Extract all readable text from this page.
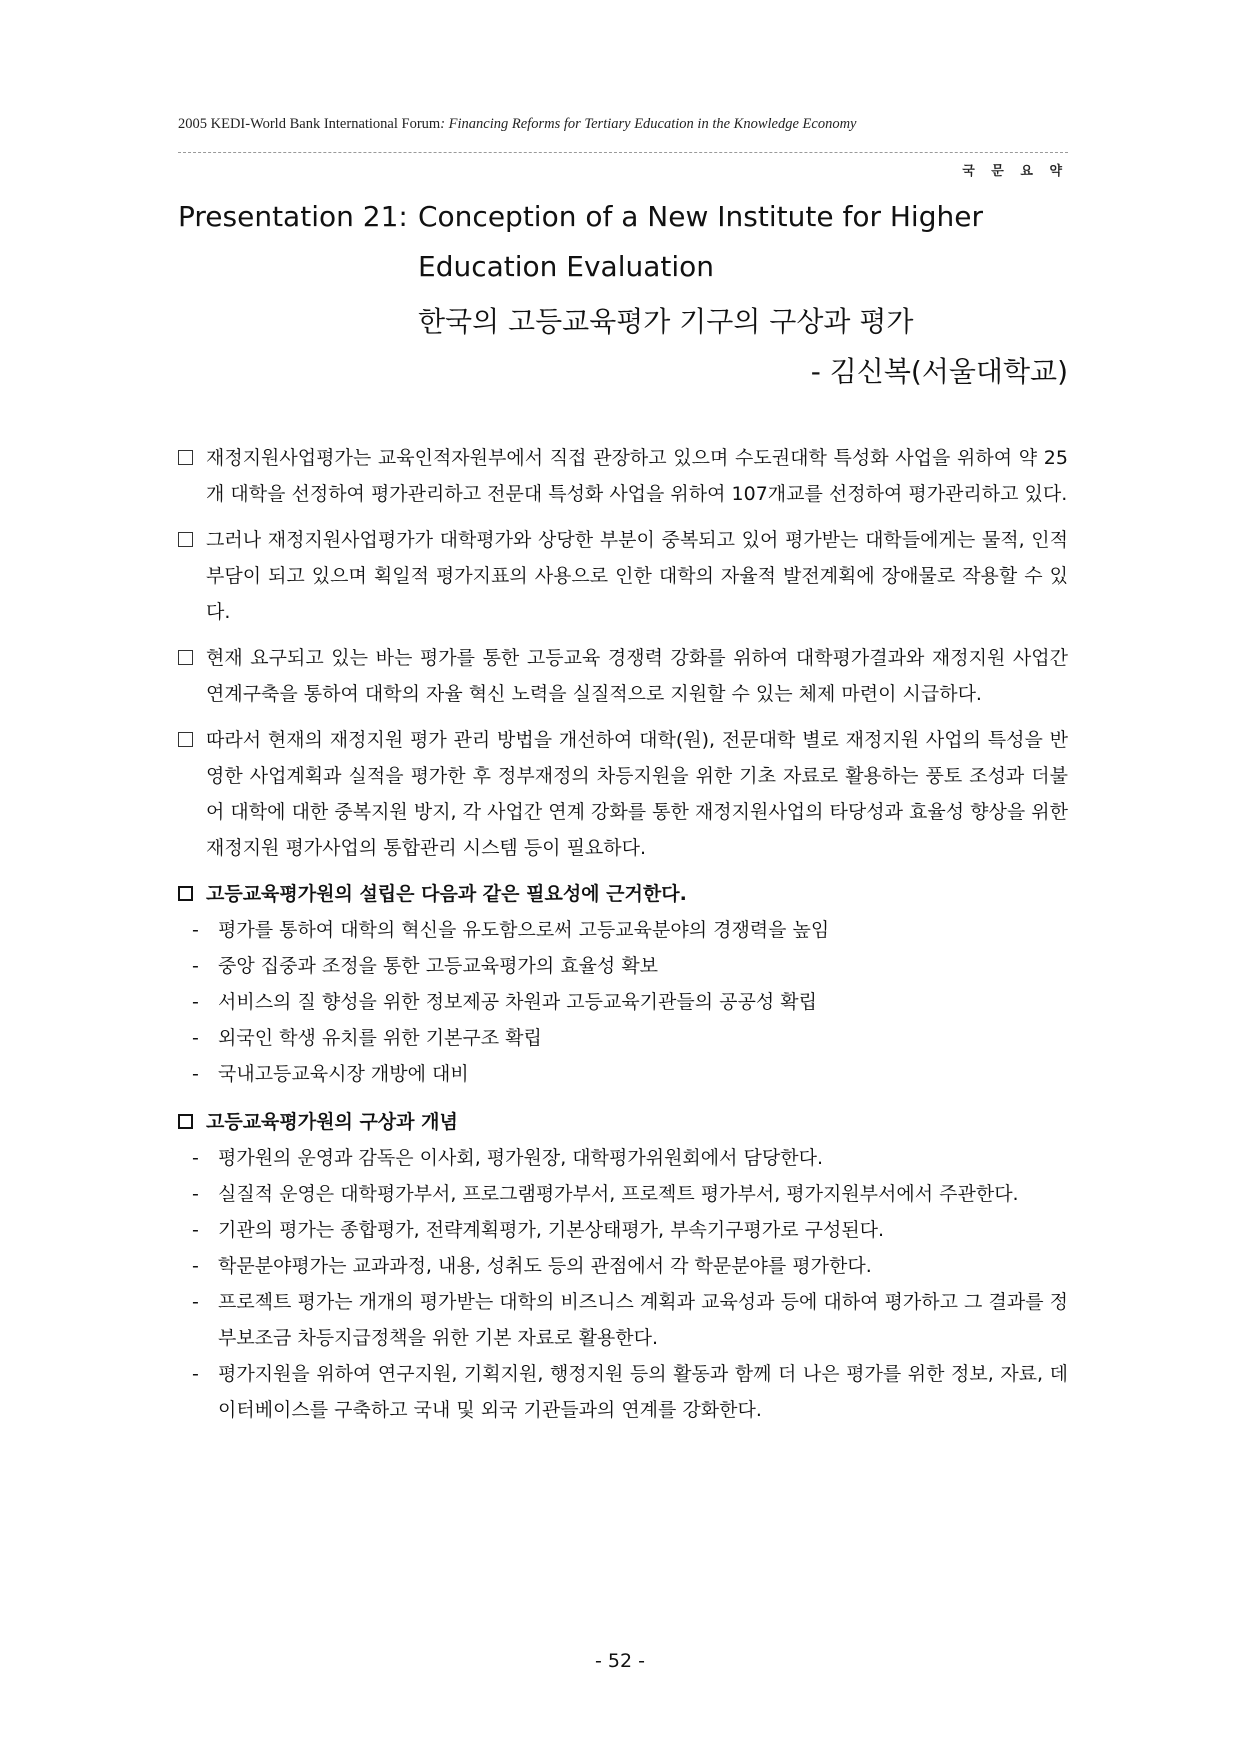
2005 KEDI-World Bank International Forum: Financing Reforms for Tertiary Education in the Knowledge Economy
국 문 요 약
Presentation 21: Conception of a New Institute for Higher
Education Evaluation
한국의 고등교육평가 기구의 구상과 평가
- 김신복(서울대학교)

재정지원사업평가는 교육인적자원부에서 직접 관장하고 있으며 수도권대학 특성화 사업을 위하여 약 25개 대학을 선정하여 평가관리하고 전문대 특성화 사업을 위하여 107개교를 선정하여 평가관리하고 있다.

그러나 재정지원사업평가가 대학평가와 상당한 부분이 중복되고 있어 평가받는 대학들에게는 물적, 인적 부담이 되고 있으며 획일적 평가지표의 사용으로 인한 대학의 자율적 발전계획에 장애물로 작용할 수 있다.

현재 요구되고 있는 바는 평가를 통한 고등교육 경쟁력 강화를 위하여 대학평가결과와 재정지원 사업간 연계구축을 통하여 대학의 자율 혁신 노력을 실질적으로 지원할 수 있는 체제 마련이 시급하다.

따라서 현재의 재정지원 평가 관리 방법을 개선하여 대학(원), 전문대학 별로 재정지원 사업의 특성을 반영한 사업계획과 실적을 평가한 후 정부재정의 차등지원을 위한 기초 자료로 활용하는 풍토 조성과 더불어 대학에 대한 중복지원 방지, 각 사업간 연계 강화를 통한 재정지원사업의 타당성과 효율성 향상을 위한 재정지원 평가사업의 통합관리 시스템 등이 필요하다.

고등교육평가원의 설립은 다음과 같은 필요성에 근거한다.

- 평가를 통하여 대학의 혁신을 유도함으로써 고등교육분야의 경쟁력을 높임
- 중앙 집중과 조정을 통한 고등교육평가의 효율성 확보
- 서비스의 질 향성을 위한 정보제공 차원과 고등교육기관들의 공공성 확립
- 외국인 학생 유치를 위한 기본구조 확립
- 국내고등교육시장 개방에 대비

고등교육평가원의 구상과 개념

- 평가원의 운영과 감독은 이사회, 평가원장, 대학평가위원회에서 담당한다.
- 실질적 운영은 대학평가부서, 프로그램평가부서, 프로젝트 평가부서, 평가지원부서에서 주관한다.
- 기관의 평가는 종합평가, 전략계획평가, 기본상태평가, 부속기구평가로 구성된다.
- 학문분야평가는 교과과정, 내용, 성취도 등의 관점에서 각 학문분야를 평가한다.
- 프로젝트 평가는 개개의 평가받는 대학의 비즈니스 계획과 교육성과 등에 대하여 평가하고 그 결과를 정부보조금 차등지급정책을 위한 기본 자료로 활용한다.
- 평가지원을 위하여 연구지원, 기획지원, 행정지원 등의 활동과 함께 더 나은 평가를 위한 정보, 자료, 데이터베이스를 구축하고 국내 및 외국 기관들과의 연계를 강화한다.
- 52 -
